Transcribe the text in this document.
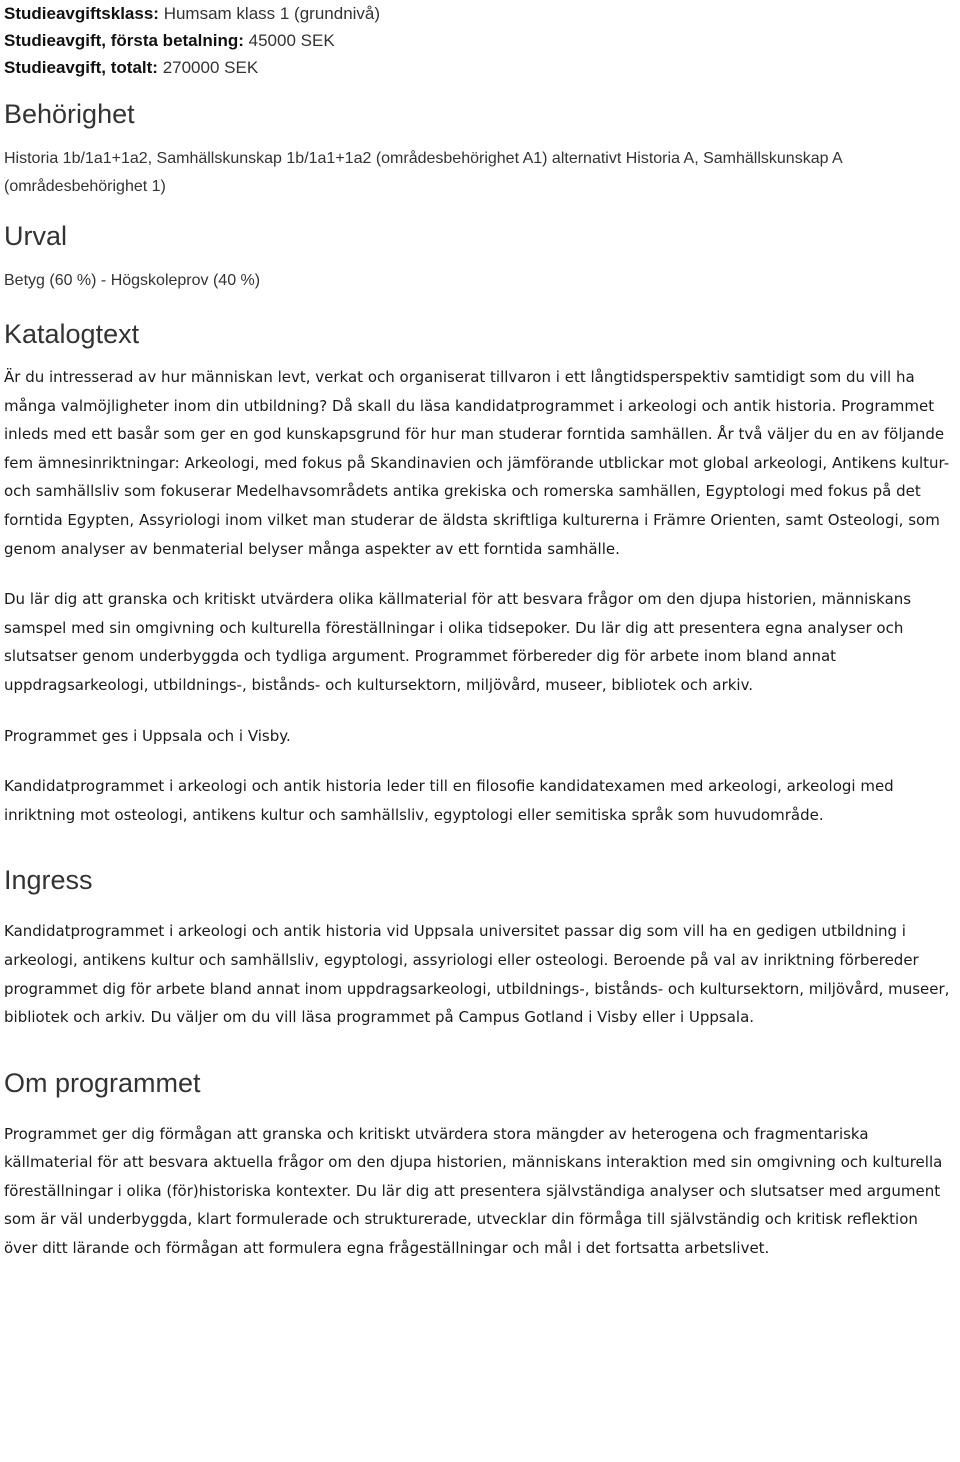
Studieavgiftsklass: Humsam klass 1 (grundnivå)
Studieavgift, första betalning: 45000 SEK
Studieavgift, totalt: 270000 SEK
Behörighet

Historia 1b/1a1+1a2, Samhällskunskap 1b/1a1+1a2 (områdesbehörighet A1) alternativt Historia A, Samhällskunskap A (områdesbehörighet 1)

Urval

Betyg (60 %) - Högskoleprov (40 %)

Katalogtext

Är du intresserad av hur människan levt, verkat och organiserat tillvaron i ett långtidsperspektiv samtidigt som du vill ha många valmöjligheter inom din utbildning? Då skall du läsa kandidatprogrammet i arkeologi och antik historia. Programmet inleds med ett basår som ger en god kunskapsgrund för hur man studerar forntida samhällen. År två väljer du en av följande fem ämnesinriktningar: Arkeologi, med fokus på Skandinavien och jämförande utblickar mot global arkeologi, Antikens kultur- och samhällsliv som fokuserar Medelhavsområdets antika grekiska och romerska samhällen, Egyptologi med fokus på det forntida Egypten, Assyriologi inom vilket man studerar de äldsta skriftliga kulturerna i Främre Orienten, samt Osteologi, som genom analyser av benmaterial belyser många aspekter av ett forntida samhälle.

Du lär dig att granska och kritiskt utvärdera olika källmaterial för att besvara frågor om den djupa historien, människans samspel med sin omgivning och kulturella föreställningar i olika tidsepoker. Du lär dig att presentera egna analyser och slutsatser genom underbyggda och tydliga argument. Programmet förbereder dig för arbete inom bland annat uppdragsarkeologi, utbildnings-, bistånds- och kultursektorn, miljövård, museer, bibliotek och arkiv.

Programmet ges i Uppsala och i Visby.

Kandidatprogrammet i arkeologi och antik historia leder till en filosofie kandidatexamen med arkeologi, arkeologi med inriktning mot osteologi, antikens kultur och samhällsliv, egyptologi eller semitiska språk som huvudområde.

Ingress

Kandidatprogrammet i arkeologi och antik historia vid Uppsala universitet passar dig som vill ha en gedigen utbildning i arkeologi, antikens kultur och samhällsliv, egyptologi, assyriologi eller osteologi. Beroende på val av inriktning förbereder programmet dig för arbete bland annat inom uppdragsarkeologi, utbildnings-, bistånds- och kultursektorn, miljövård, museer, bibliotek och arkiv. Du väljer om du vill läsa programmet på Campus Gotland i Visby eller i Uppsala.

Om programmet

Programmet ger dig förmågan att granska och kritiskt utvärdera stora mängder av heterogena och fragmentariska källmaterial för att besvara aktuella frågor om den djupa historien, människans interaktion med sin omgivning och kulturella föreställningar i olika (för)historiska kontexter. Du lär dig att presentera självständiga analyser och slutsatser med argument som är väl underbyggda, klart formulerade och strukturerade, utvecklar din förmåga till självständig och kritisk reflektion över ditt lärande och förmågan att formulera egna frågeställningar och mål i det fortsatta arbetslivet.
